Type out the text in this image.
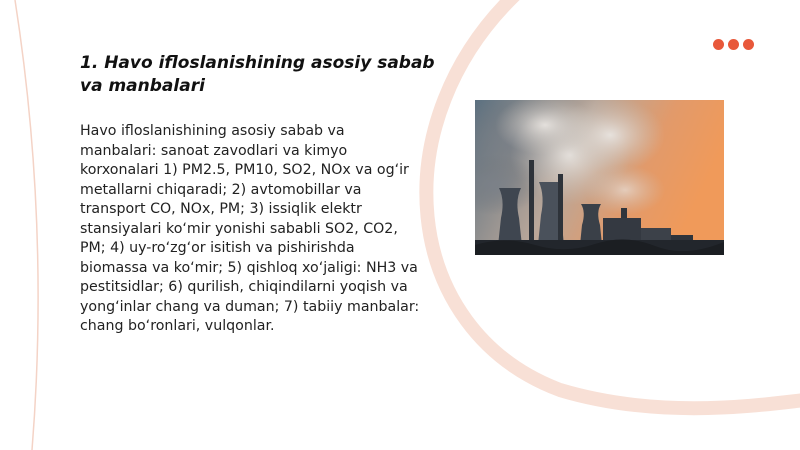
1. Havo ifloslanishining asosiy sabab va manbalari

Havo ifloslanishining asosiy sabab va manbalari: sanoat zavodlari va kimyo korxonalari 1) PM2.5, PM10, SO2, NOx va og‘ir metallarni chiqaradi; 2) avtomobillar va transport CO, NOx, PM; 3) issiqlik elektr stansiyalari ko‘mir yonishi sababli SO2, CO2, PM; 4) uy-ro‘zg‘or isitish va pishirishda biomassa va ko‘mir; 5) qishloq xo‘jaligi: NH3 va pestitsidlar; 6) qurilish, chiqindilarni yoqish va yong‘inlar chang va duman; 7) tabiiy manbalar: chang bo‘ronlari, vulqonlar.
